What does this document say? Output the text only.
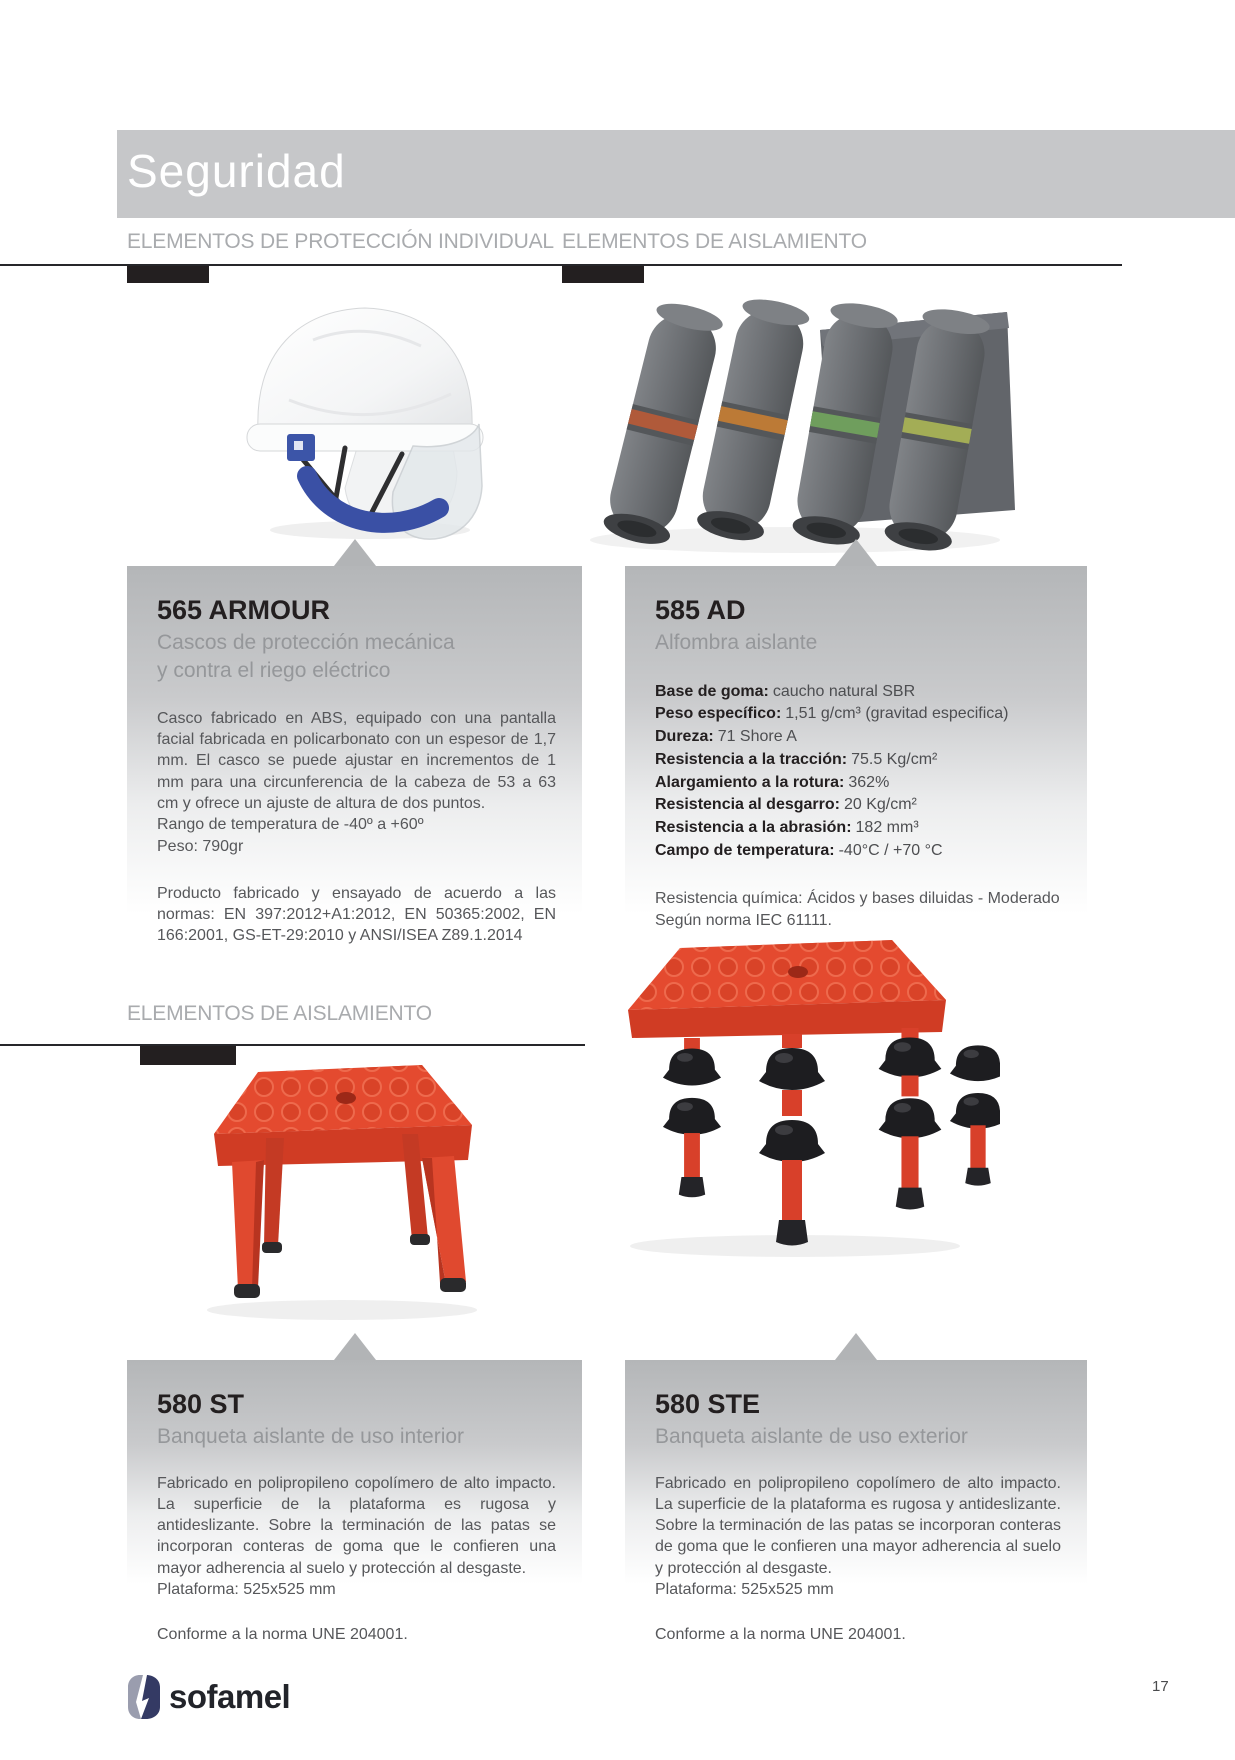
Seguridad
ELEMENTOS DE PROTECCIÓN INDIVIDUAL ELEMENTOS DE AISLAMIENTO
565 ARMOUR
Cascos de protección mecánica
y contra el riego eléctrico
Casco fabricado en ABS, equipado con una pantalla facial fabricada en policarbonato con un espesor de 1,7 mm. El casco se puede ajustar en incrementos de 1 mm para una circunferencia de la cabeza de 53 a 63 cm y ofrece un ajuste de altura de dos puntos.
Rango de temperatura de -40º a +60º
Peso: 790gr
Producto fabricado y ensayado de acuerdo a las normas: EN 397:2012+A1:2012, EN 50365:2002, EN 166:2001, GS-ET-29:2010 y ANSI/ISEA Z89.1.2014
585 AD
Alfombra aislante
Base de goma: caucho natural SBR
Peso específico: 1,51 g/cm³ (gravitad especifica)
Dureza: 71 Shore A
Resistencia a la tracción: 75.5 Kg/cm²
Alargamiento a la rotura: 362%
Resistencia al desgarro: 20 Kg/cm²
Resistencia a la abrasión: 182 mm³
Campo de temperatura: -40°C / +70 °C
Resistencia química: Ácidos y bases diluidas - Moderado
Según norma IEC 61111.
ELEMENTOS DE AISLAMIENTO
580 ST
Banqueta aislante de uso interior
Fabricado en polipropileno copolímero de alto impacto. La superficie de la plataforma es rugosa y antideslizante. Sobre la terminación de las patas se incorporan conteras de goma que le confieren una mayor adherencia al suelo y protección al desgaste.
Plataforma: 525x525 mm
Conforme a la norma UNE 204001.
580 STE
Banqueta aislante de uso exterior
Fabricado en polipropileno copolímero de alto impacto. La superficie de la plataforma es rugosa y antideslizante. Sobre la terminación de las patas se incorporan conteras de goma que le confieren una mayor adherencia al suelo y protección al desgaste.
Plataforma: 525x525 mm
Conforme a la norma UNE 204001.
sofamel	17
